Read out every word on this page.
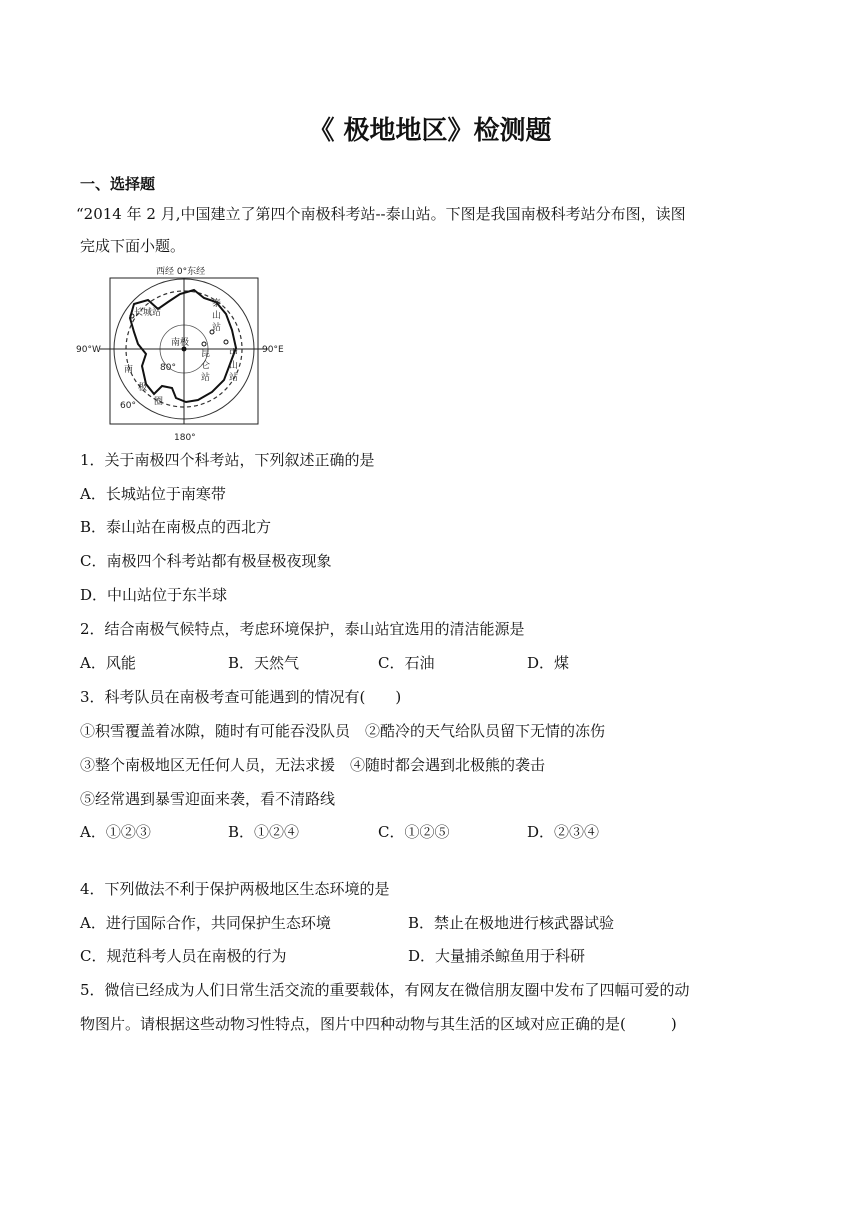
《 极地地区》检测题
一、选择题
“2014 年 2 月,中国建立了第四个南极科考站--泰山站。下图是我国南极科考站分布图，读图
完成下面小题。
西经 0°东经
90°W	90°E
180°
长城站
泰
山
站
中
山
站
昆
仑
站
南极
80°
60°
南
极
圈
1．关于南极四个科考站，下列叙述正确的是
A．长城站位于南寒带
B．泰山站在南极点的西北方
C．南极四个科考站都有极昼极夜现象
D．中山站位于东半球
2．结合南极气候特点，考虑环境保护，泰山站宜选用的清洁能源是
A．风能	B．天然气	C．石油	D．煤
3．科考队员在南极考查可能遇到的情况有(　　)
①积雪覆盖着冰隙，随时有可能吞没队员　②酷冷的天气给队员留下无情的冻伤
③整个南极地区无任何人员，无法求援　④随时都会遇到北极熊的袭击
⑤经常遇到暴雪迎面来袭，看不清路线
A．①②③	B．①②④	C．①②⑤	D．②③④
4．下列做法不利于保护两极地区生态环境的是
A．进行国际合作，共同保护生态环境	B．禁止在极地进行核武器试验
C．规范科考人员在南极的行为	D．大量捕杀鲸鱼用于科研
5．微信已经成为人们日常生活交流的重要载体，有网友在微信朋友圈中发布了四幅可爱的动
物图片。请根据这些动物习性特点，图片中四种动物与其生活的区域对应正确的是(　　　)
